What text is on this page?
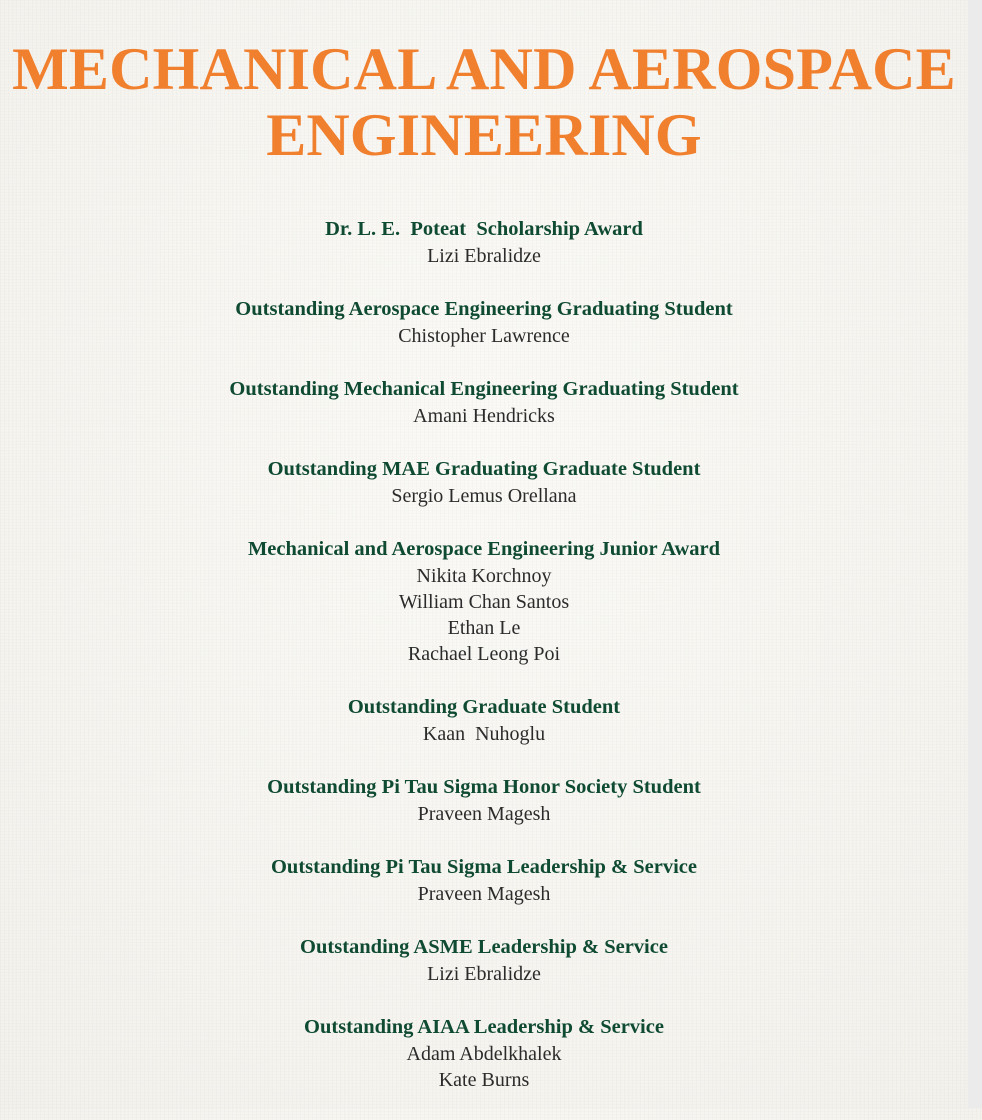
MECHANICAL AND AEROSPACE
ENGINEERING
Dr. L. E.  Poteat  Scholarship Award
Lizi Ebralidze
Outstanding Aerospace Engineering Graduating Student
Chistopher Lawrence
Outstanding Mechanical Engineering Graduating Student
Amani Hendricks
Outstanding MAE Graduating Graduate Student
Sergio Lemus Orellana
Mechanical and Aerospace Engineering Junior Award
Nikita Korchnoy
William Chan Santos
Ethan Le
Rachael Leong Poi
Outstanding Graduate Student
Kaan  Nuhoglu
Outstanding Pi Tau Sigma Honor Society Student
Praveen Magesh
Outstanding Pi Tau Sigma Leadership & Service
Praveen Magesh
Outstanding ASME Leadership & Service
Lizi Ebralidze
Outstanding AIAA Leadership & Service
Adam Abdelkhalek
Kate Burns
